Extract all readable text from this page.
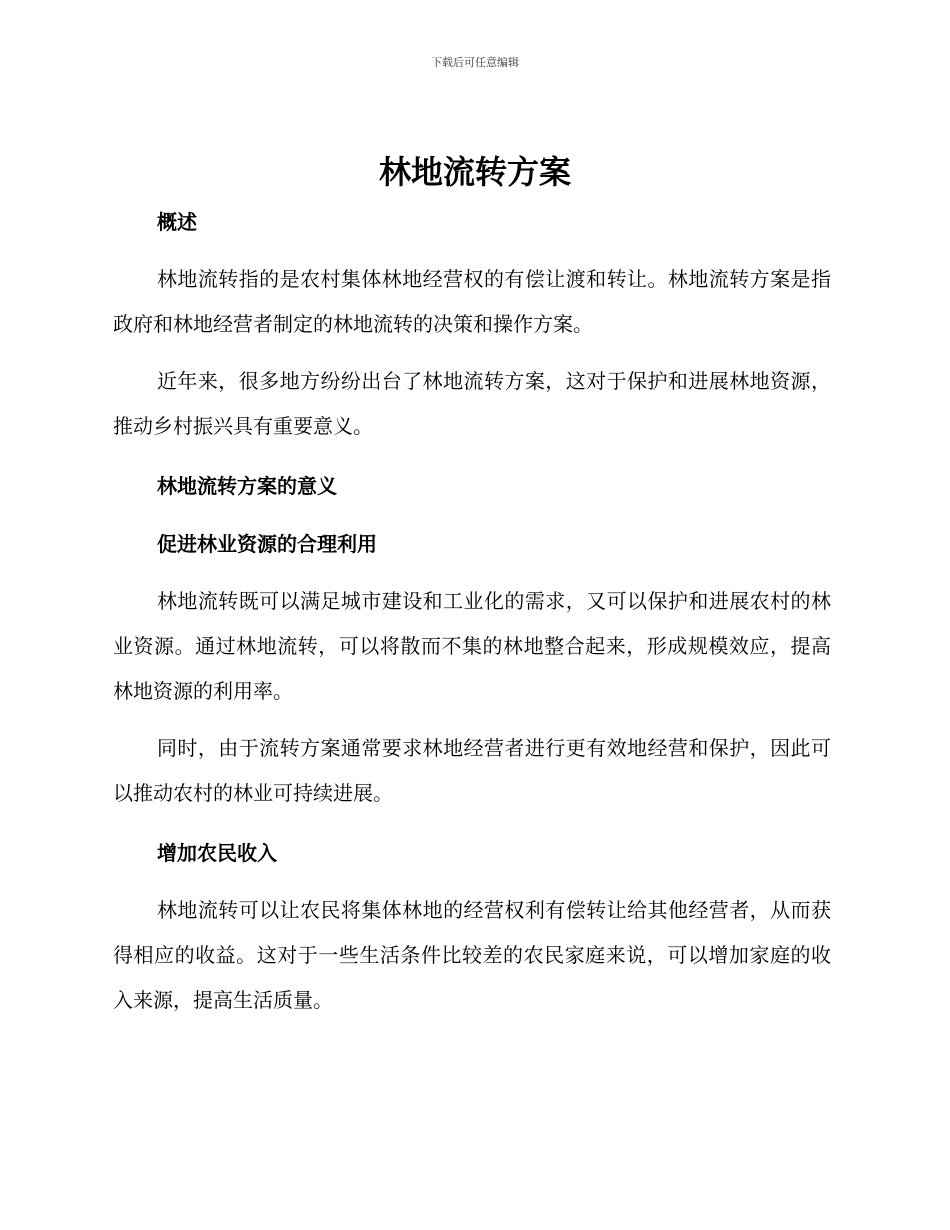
下载后可任意编辑
林地流转方案
概述

林地流转指的是农村集体林地经营权的有偿让渡和转让。林地流转方案是指政府和林地经营者制定的林地流转的决策和操作方案。

近年来，很多地方纷纷出台了林地流转方案，这对于保护和进展林地资源，推动乡村振兴具有重要意义。

林地流转方案的意义
促进林业资源的合理利用

林地流转既可以满足城市建设和工业化的需求，又可以保护和进展农村的林业资源。通过林地流转，可以将散而不集的林地整合起来，形成规模效应，提高林地资源的利用率。

同时，由于流转方案通常要求林地经营者进行更有效地经营和保护，因此可以推动农村的林业可持续进展。

增加农民收入

林地流转可以让农民将集体林地的经营权利有偿转让给其他经营者，从而获得相应的收益。这对于一些生活条件比较差的农民家庭来说，可以增加家庭的收入来源，提高生活质量。
